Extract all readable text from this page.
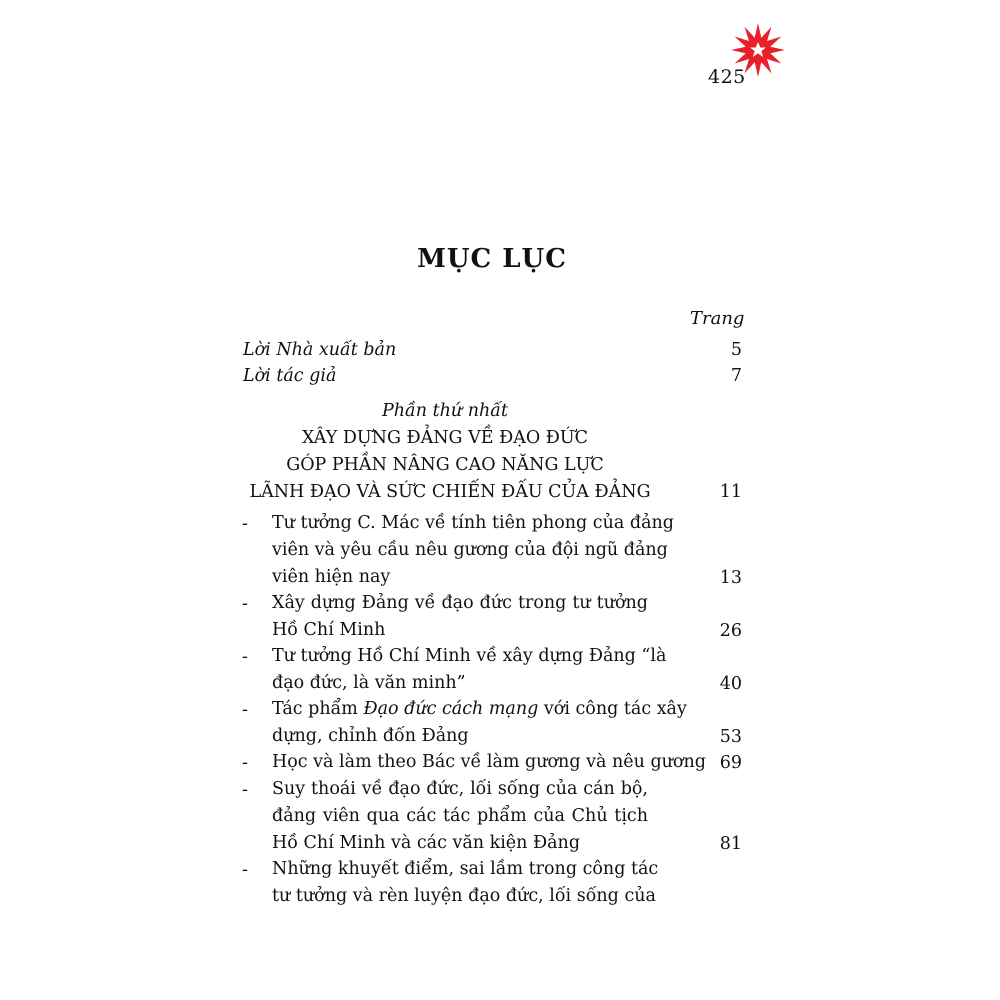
425
MỤC LỤC
Trang
Lời Nhà xuất bản	5
Lời tác giả	7
Phần thứ nhất
XÂY DỰNG ĐẢNG VỀ ĐẠO ĐỨC
GÓP PHẦN NÂNG CAO NĂNG LỰC
LÃNH ĐẠO VÀ SỨC CHIẾN ĐẤU CỦA ĐẢNG	11
- Tư tưởng C. Mác về tính tiên phong của đảng
viên và yêu cầu nêu gương của đội ngũ đảng
viên hiện nay	13
- Xây dựng Đảng về đạo đức trong tư tưởng
Hồ Chí Minh	26
- Tư tưởng Hồ Chí Minh về xây dựng Đảng “là
đạo đức, là văn minh”	40
- Tác phẩm Đạo đức cách mạng với công tác xây
dựng, chỉnh đốn Đảng	53
- Học và làm theo Bác về làm gương và nêu gương 69
- Suy thoái về đạo đức, lối sống của cán bộ,
đảng viên qua các tác phẩm của Chủ tịch
Hồ Chí Minh và các văn kiện Đảng	81
- Những khuyết điểm, sai lầm trong công tác
tư tưởng và rèn luyện đạo đức, lối sống của
